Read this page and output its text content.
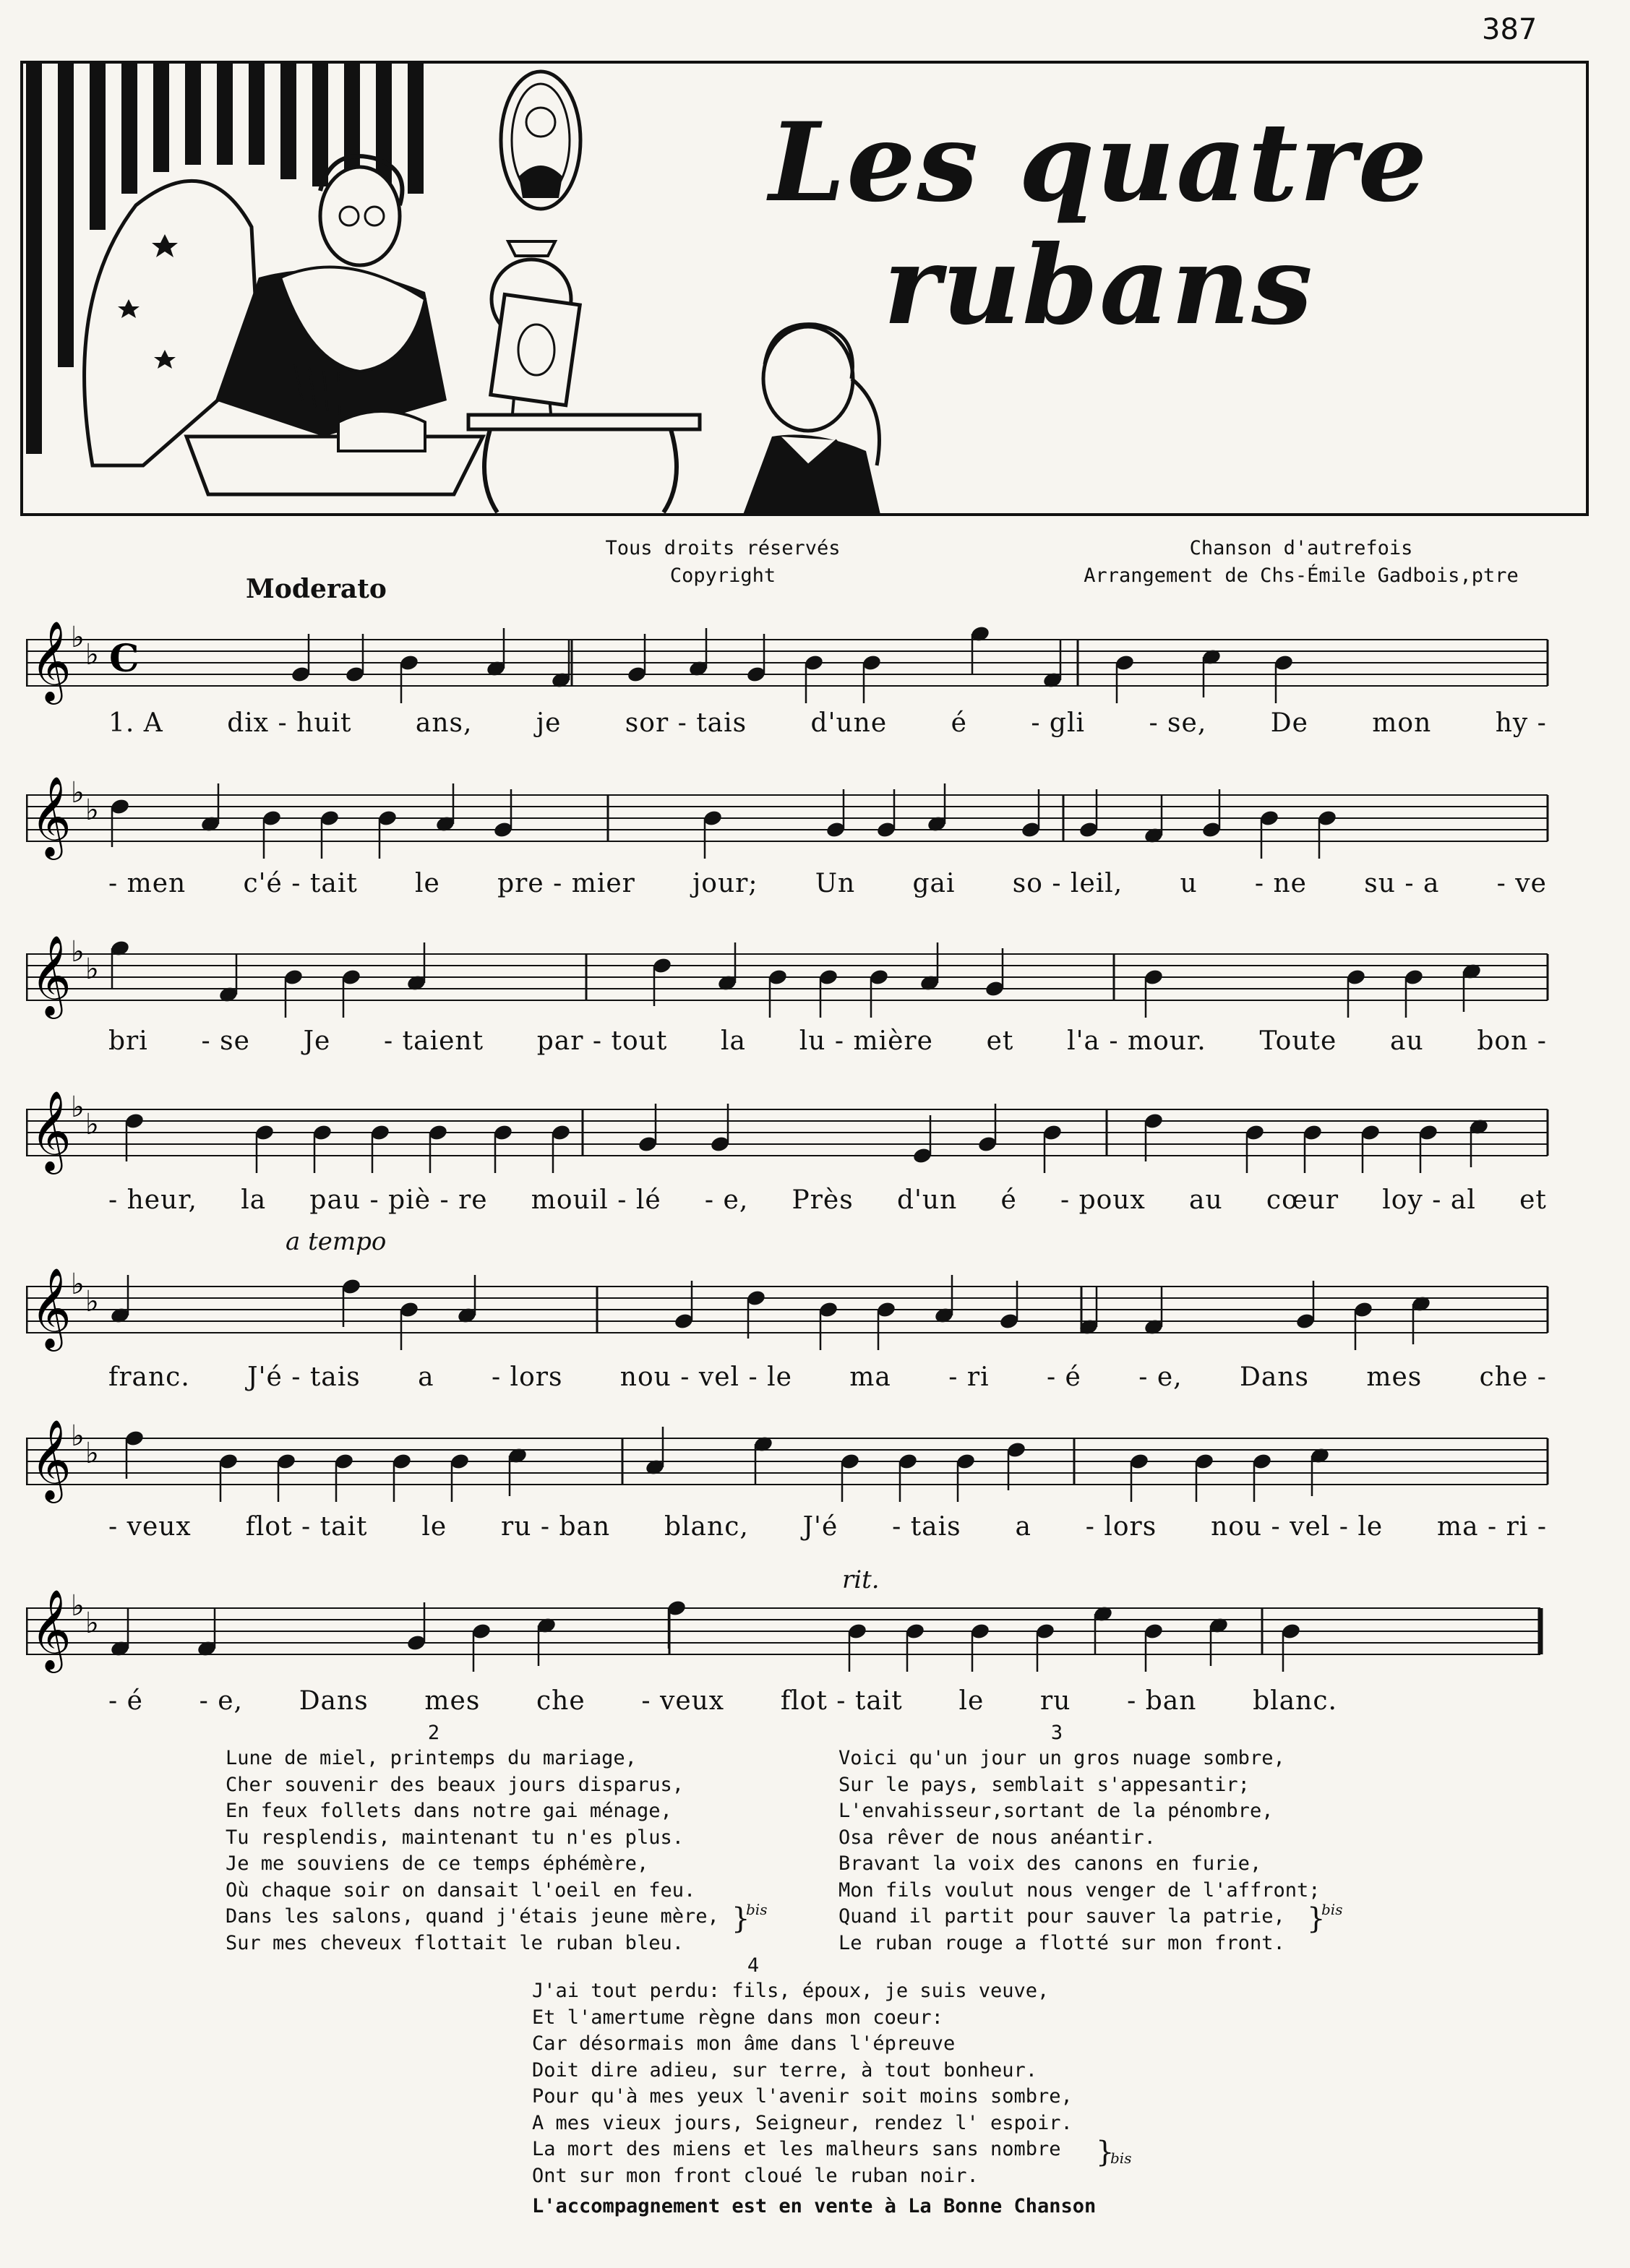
387
Les quatre rubans
Tous droits réservés
Copyright
Chanson d'autrefois
Arrangement de Chs-Émile Gadbois,ptre
Moderato
a tempo
rit.
𝄞 ♭
♭ C
𝄞 ♭
♭
𝄞 ♭
♭
𝄞 ♭
♭
𝄞 ♭
♭
𝄞 ♭
♭
𝄞 ♭
♭
1. A dix - huit ans, je sor - tais d'une é - gli - se, De mon hy -
- men c'é - tait le pre - mier jour; Un gai so - leil, u - ne su - a - ve
bri - se Je - taient par - tout la lu - mière et l'a - mour. Toute au bon -
- heur, la pau - piè - re mouil - lé - e, Près d'un é - poux au cœur loy - al et
franc. J'é - tais a - lors nou - vel - le ma - ri - é - e, Dans mes che -
- veux flot - tait le ru - ban blanc, J'é - tais a - lors nou - vel - le ma - ri -
- é - e, Dans mes che - veux flot - tait le ru - ban blanc.
2
Lune de miel, printemps du mariage,
Cher souvenir des beaux jours disparus,
En feux follets dans notre gai ménage,
Tu resplendis, maintenant tu n'es plus.
Je me souviens de ce temps éphémère,
Où chaque soir on dansait l'oeil en feu.
Dans les salons, quand j'étais jeune mère,
Sur mes cheveux flottait le ruban bleu.
}
bis
3
Voici qu'un jour un gros nuage sombre,
Sur le pays, semblait s'appesantir;
L'envahisseur,sortant de la pénombre,
Osa rêver de nous anéantir.
Bravant la voix des canons en furie,
Mon fils voulut nous venger de l'affront;
Quand il partit pour sauver la patrie,
Le ruban rouge a flotté sur mon front.
}
bis
4
J'ai tout perdu: fils, époux, je suis veuve,
Et l'amertume règne dans mon coeur:
Car désormais mon âme dans l'épreuve
Doit dire adieu, sur terre, à tout bonheur.
Pour qu'à mes yeux l'avenir soit moins sombre,
A mes vieux jours, Seigneur, rendez l' espoir.
La mort des miens et les malheurs sans nombre
Ont sur mon front cloué le ruban noir.
}
bis
L'accompagnement est en vente à La Bonne Chanson
